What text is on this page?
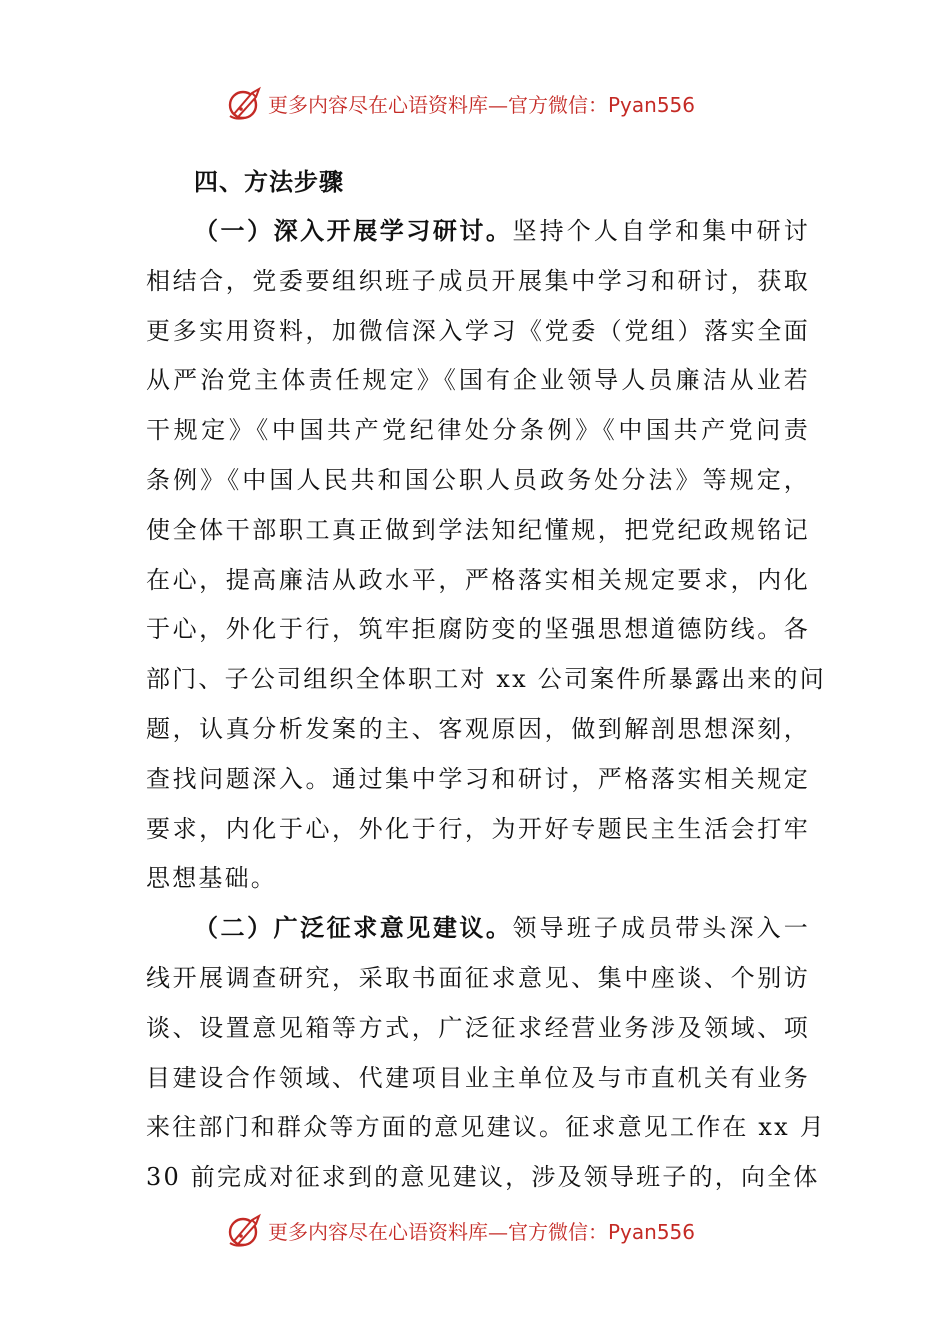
更多内容尽在心语资料库—官方微信：Pyan556
四、方法步骤
（一）深入开展学习研讨。坚持个人自学和集中研讨
相结合，党委要组织班子成员开展集中学习和研讨，获取
更多实用资料，加微信深入学习《党委（党组）落实全面
从严治党主体责任规定》《国有企业领导人员廉洁从业若
干规定》《中国共产党纪律处分条例》《中国共产党问责
条例》《中国人民共和国公职人员政务处分法》等规定，
使全体干部职工真正做到学法知纪懂规，把党纪政规铭记
在心，提高廉洁从政水平，严格落实相关规定要求，内化
于心，外化于行，筑牢拒腐防变的坚强思想道德防线。各
部门、子公司组织全体职工对 xx 公司案件所暴露出来的问
题，认真分析发案的主、客观原因，做到解剖思想深刻，
查找问题深入。通过集中学习和研讨，严格落实相关规定
要求，内化于心，外化于行，为开好专题民主生活会打牢
思想基础。
（二）广泛征求意见建议。领导班子成员带头深入一
线开展调查研究，采取书面征求意见、集中座谈、个别访
谈、设置意见箱等方式，广泛征求经营业务涉及领域、项
目建设合作领域、代建项目业主单位及与市直机关有业务
来往部门和群众等方面的意见建议。征求意见工作在 xx 月
30 前完成对征求到的意见建议，涉及领导班子的，向全体
更多内容尽在心语资料库—官方微信：Pyan556
